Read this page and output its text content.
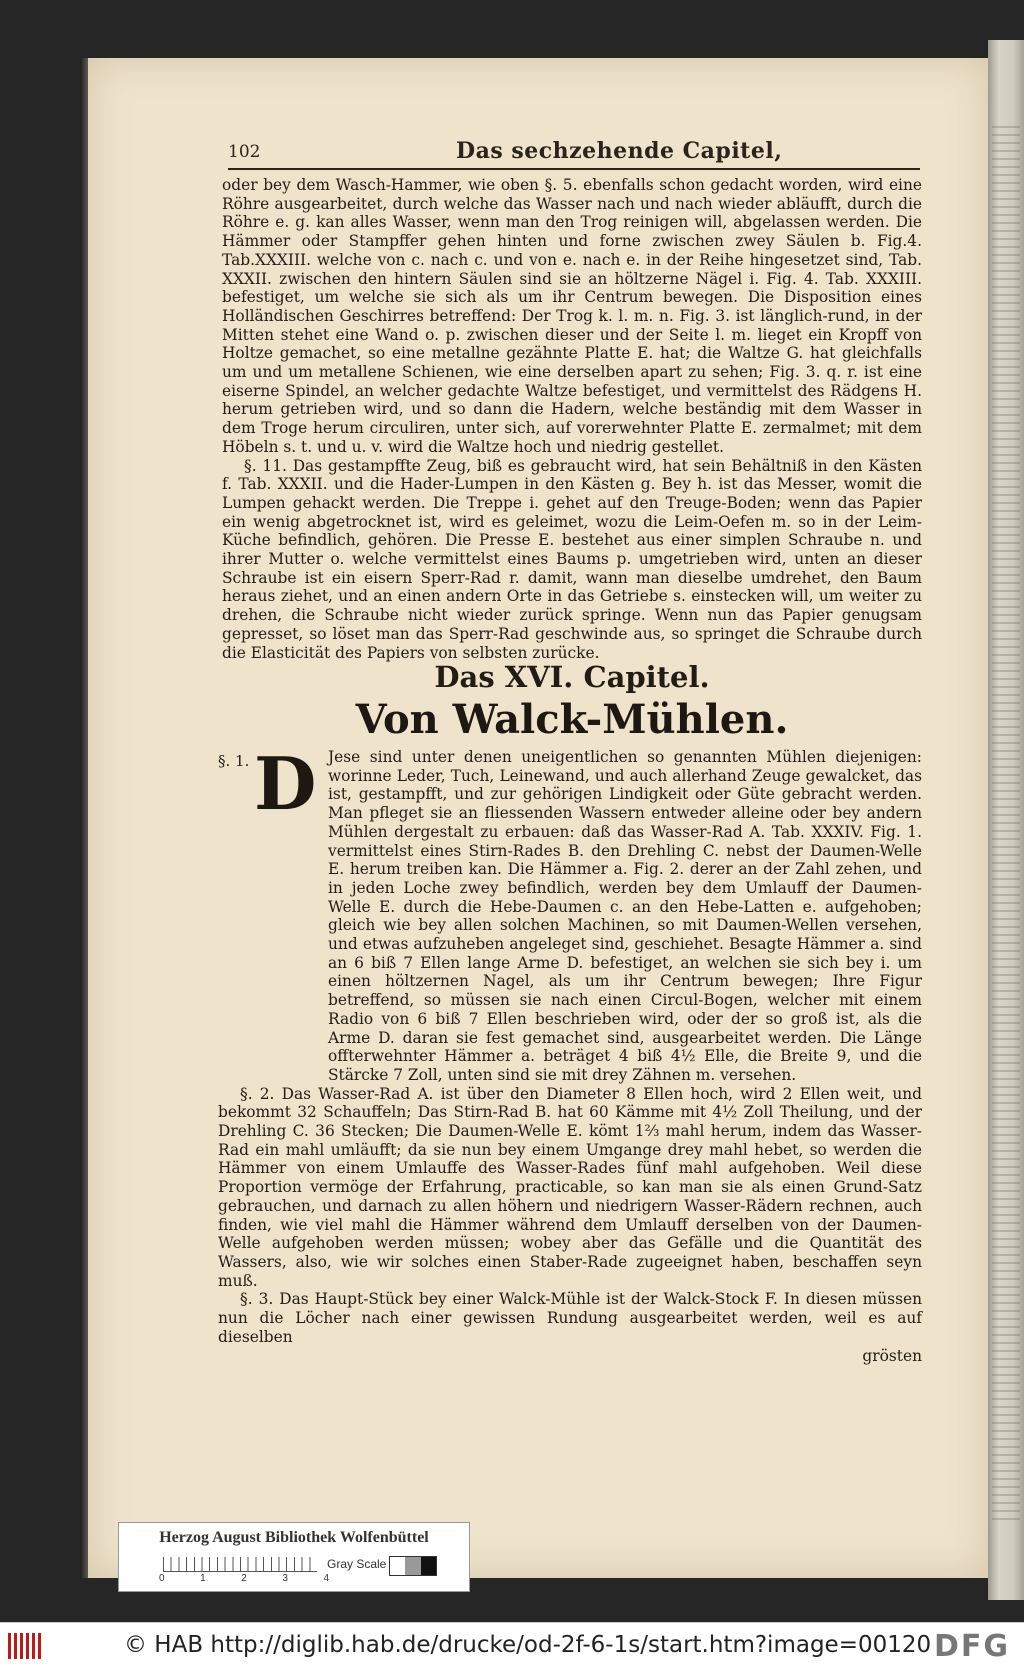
102	Das sechzehende Capitel,

oder bey dem Wasch-Hammer, wie oben §. 5. ebenfalls schon gedacht worden, wird eine Röhre ausgearbeitet, durch welche das Wasser nach und nach wieder abläufft, durch die Röhre e. g. kan alles Wasser, wenn man den Trog reinigen will, abgelassen werden. Die Hämmer oder Stampffer gehen hinten und forne zwischen zwey Säulen b. Fig.4. Tab.XXXIII. welche von c. nach c. und von e. nach e. in der Reihe hingesetzet sind, Tab. XXXII. zwischen den hintern Säulen sind sie an höltzerne Nägel i. Fig. 4. Tab. XXXIII. befestiget, um welche sie sich als um ihr Centrum bewegen. Die Disposition eines Holländischen Geschirres betreffend: Der Trog k. l. m. n. Fig. 3. ist länglich-rund, in der Mitten stehet eine Wand o. p. zwischen dieser und der Seite l. m. lieget ein Kropff von Holtze gemachet, so eine metallne gezähnte Platte E. hat; die Waltze G. hat gleichfalls um und um metallene Schienen, wie eine derselben apart zu sehen; Fig. 3. q. r. ist eine eiserne Spindel, an welcher gedachte Waltze befestiget, und vermittelst des Rädgens H. herum getrieben wird, und so dann die Hadern, welche beständig mit dem Wasser in dem Troge herum circuliren, unter sich, auf vorerwehnter Platte E. zermalmet; mit dem Höbeln s. t. und u. v. wird die Waltze hoch und niedrig gestellet.

§. 11. Das gestampffte Zeug, biß es gebraucht wird, hat sein Behältniß in den Kästen f. Tab. XXXII. und die Hader-Lumpen in den Kästen g. Bey h. ist das Messer, womit die Lumpen gehackt werden. Die Treppe i. gehet auf den Treuge-Boden; wenn das Papier ein wenig abgetrocknet ist, wird es geleimet, wozu die Leim-Oefen m. so in der Leim-Küche befindlich, gehören. Die Presse E. bestehet aus einer simplen Schraube n. und ihrer Mutter o. welche vermittelst eines Baums p. umgetrieben wird, unten an dieser Schraube ist ein eisern Sperr-Rad r. damit, wann man dieselbe umdrehet, den Baum heraus ziehet, und an einen andern Orte in das Getriebe s. einstecken will, um weiter zu drehen, die Schraube nicht wieder zurück springe. Wenn nun das Papier genugsam gepresset, so löset man das Sperr-Rad geschwinde aus, so springet die Schraube durch die Elasticität des Papiers von selbsten zurücke.

Das XVI. Capitel.
Von Walck-Mühlen.
§. 1. D Jese sind unter denen uneigentlichen so genannten Mühlen diejenigen: worinne Leder, Tuch, Leinewand, und auch allerhand Zeuge gewalcket, das ist, gestampfft, und zur gehörigen Lindigkeit oder Güte gebracht werden. Man pfleget sie an fliessenden Wassern entweder alleine oder bey andern Mühlen dergestalt zu erbauen: daß das Wasser-Rad A. Tab. XXXIV. Fig. 1. vermittelst eines Stirn-Rades B. den Drehling C. nebst der Daumen-Welle E. herum treiben kan. Die Hämmer a. Fig. 2. derer an der Zahl zehen, und in jeden Loche zwey befindlich, werden bey dem Umlauff der Daumen-Welle E. durch die Hebe-Daumen c. an den Hebe-Latten e. aufgehoben; gleich wie bey allen solchen Machinen, so mit Daumen-Wellen versehen, und etwas aufzuheben angeleget sind, geschiehet. Besagte Hämmer a. sind an 6 biß 7 Ellen lange Arme D. befestiget, an welchen sie sich bey i. um einen höltzernen Nagel, als um ihr Centrum bewegen; Ihre Figur betreffend, so müssen sie nach einen Circul-Bogen, welcher mit einem Radio von 6 biß 7 Ellen beschrieben wird, oder der so groß ist, als die Arme D. daran sie fest gemachet sind, ausgearbeitet werden. Die Länge offterwehnter Hämmer a. beträget 4 biß 4½ Elle, die Breite 9, und die Stärcke 7 Zoll, unten sind sie mit drey Zähnen m. versehen.

§. 2. Das Wasser-Rad A. ist über den Diameter 8 Ellen hoch, wird 2 Ellen weit, und bekommt 32 Schauffeln; Das Stirn-Rad B. hat 60 Kämme mit 4½ Zoll Theilung, und der Drehling C. 36 Stecken; Die Daumen-Welle E. kömt 1⅔ mahl herum, indem das Wasser-Rad ein mahl umläufft; da sie nun bey einem Umgange drey mahl hebet, so werden die Hämmer von einem Umlauffe des Wasser-Rades fünf mahl aufgehoben. Weil diese Proportion vermöge der Erfahrung, practicable, so kan man sie als einen Grund-Satz gebrauchen, und darnach zu allen höhern und niedrigern Wasser-Rädern rechnen, auch finden, wie viel mahl die Hämmer während dem Umlauff derselben von der Daumen-Welle aufgehoben werden müssen; wobey aber das Gefälle und die Quantität des Wassers, also, wie wir solches einen Staber-Rade zugeeignet haben, beschaffen seyn muß.

§. 3. Das Haupt-Stück bey einer Walck-Mühle ist der Walck-Stock F. In diesen müssen nun die Löcher nach einer gewissen Rundung ausgearbeitet werden, weil es auf dieselben

grösten

Herzog August Bibliothek Wolfenbüttel
0	1	2	3	4
Gray Scale
© HAB http://diglib.hab.de/drucke/od-2f-6-1s/start.htm?image=00120 DFG
